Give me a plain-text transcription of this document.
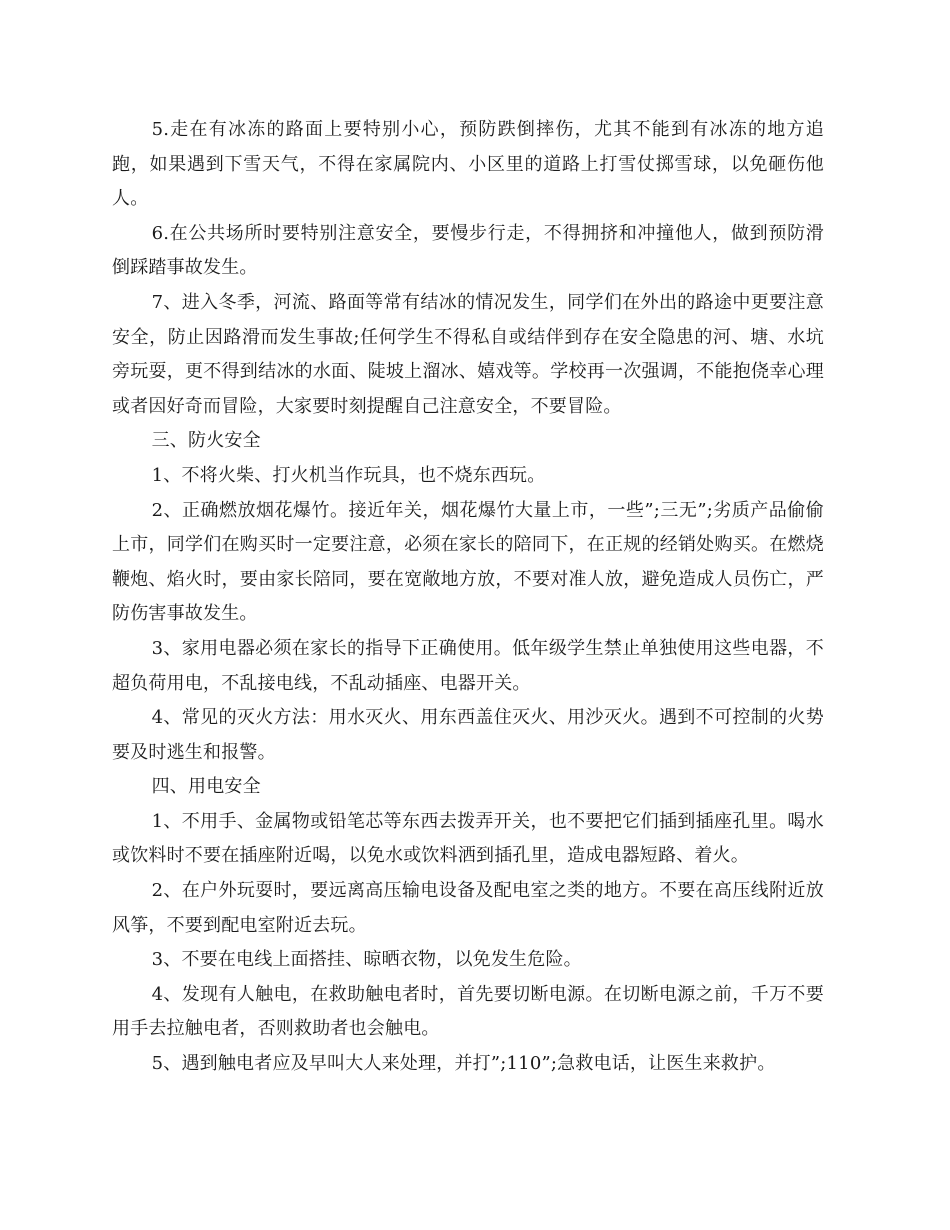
5.走在有冰冻的路面上要特别小心，预防跌倒摔伤，尤其不能到有冰冻的地方追跑，如果遇到下雪天气，不得在家属院内、小区里的道路上打雪仗掷雪球，以免砸伤他人。

6.在公共场所时要特别注意安全，要慢步行走，不得拥挤和冲撞他人，做到预防滑倒踩踏事故发生。

7、进入冬季，河流、路面等常有结冰的情况发生，同学们在外出的路途中更要注意安全，防止因路滑而发生事故;任何学生不得私自或结伴到存在安全隐患的河、塘、水坑旁玩耍，更不得到结冰的水面、陡坡上溜冰、嬉戏等。学校再一次强调，不能抱侥幸心理或者因好奇而冒险，大家要时刻提醒自己注意安全，不要冒险。

三、防火安全

1、不将火柴、打火机当作玩具，也不烧东西玩。

2、正确燃放烟花爆竹。接近年关，烟花爆竹大量上市，一些”;三无”;劣质产品偷偷上市，同学们在购买时一定要注意，必须在家长的陪同下，在正规的经销处购买。在燃烧鞭炮、焰火时，要由家长陪同，要在宽敞地方放，不要对准人放，避免造成人员伤亡，严防伤害事故发生。

3、家用电器必须在家长的指导下正确使用。低年级学生禁止单独使用这些电器，不超负荷用电，不乱接电线，不乱动插座、电器开关。

4、常见的灭火方法：用水灭火、用东西盖住灭火、用沙灭火。遇到不可控制的火势要及时逃生和报警。

四、用电安全

1、不用手、金属物或铅笔芯等东西去拨弄开关，也不要把它们插到插座孔里。喝水或饮料时不要在插座附近喝，以免水或饮料洒到插孔里，造成电器短路、着火。

2、在户外玩耍时，要远离高压输电设备及配电室之类的地方。不要在高压线附近放风筝，不要到配电室附近去玩。

3、不要在电线上面搭挂、晾晒衣物，以免发生危险。

4、发现有人触电，在救助触电者时，首先要切断电源。在切断电源之前，千万不要用手去拉触电者，否则救助者也会触电。

5、遇到触电者应及早叫大人来处理，并打”;110”;急救电话，让医生来救护。
